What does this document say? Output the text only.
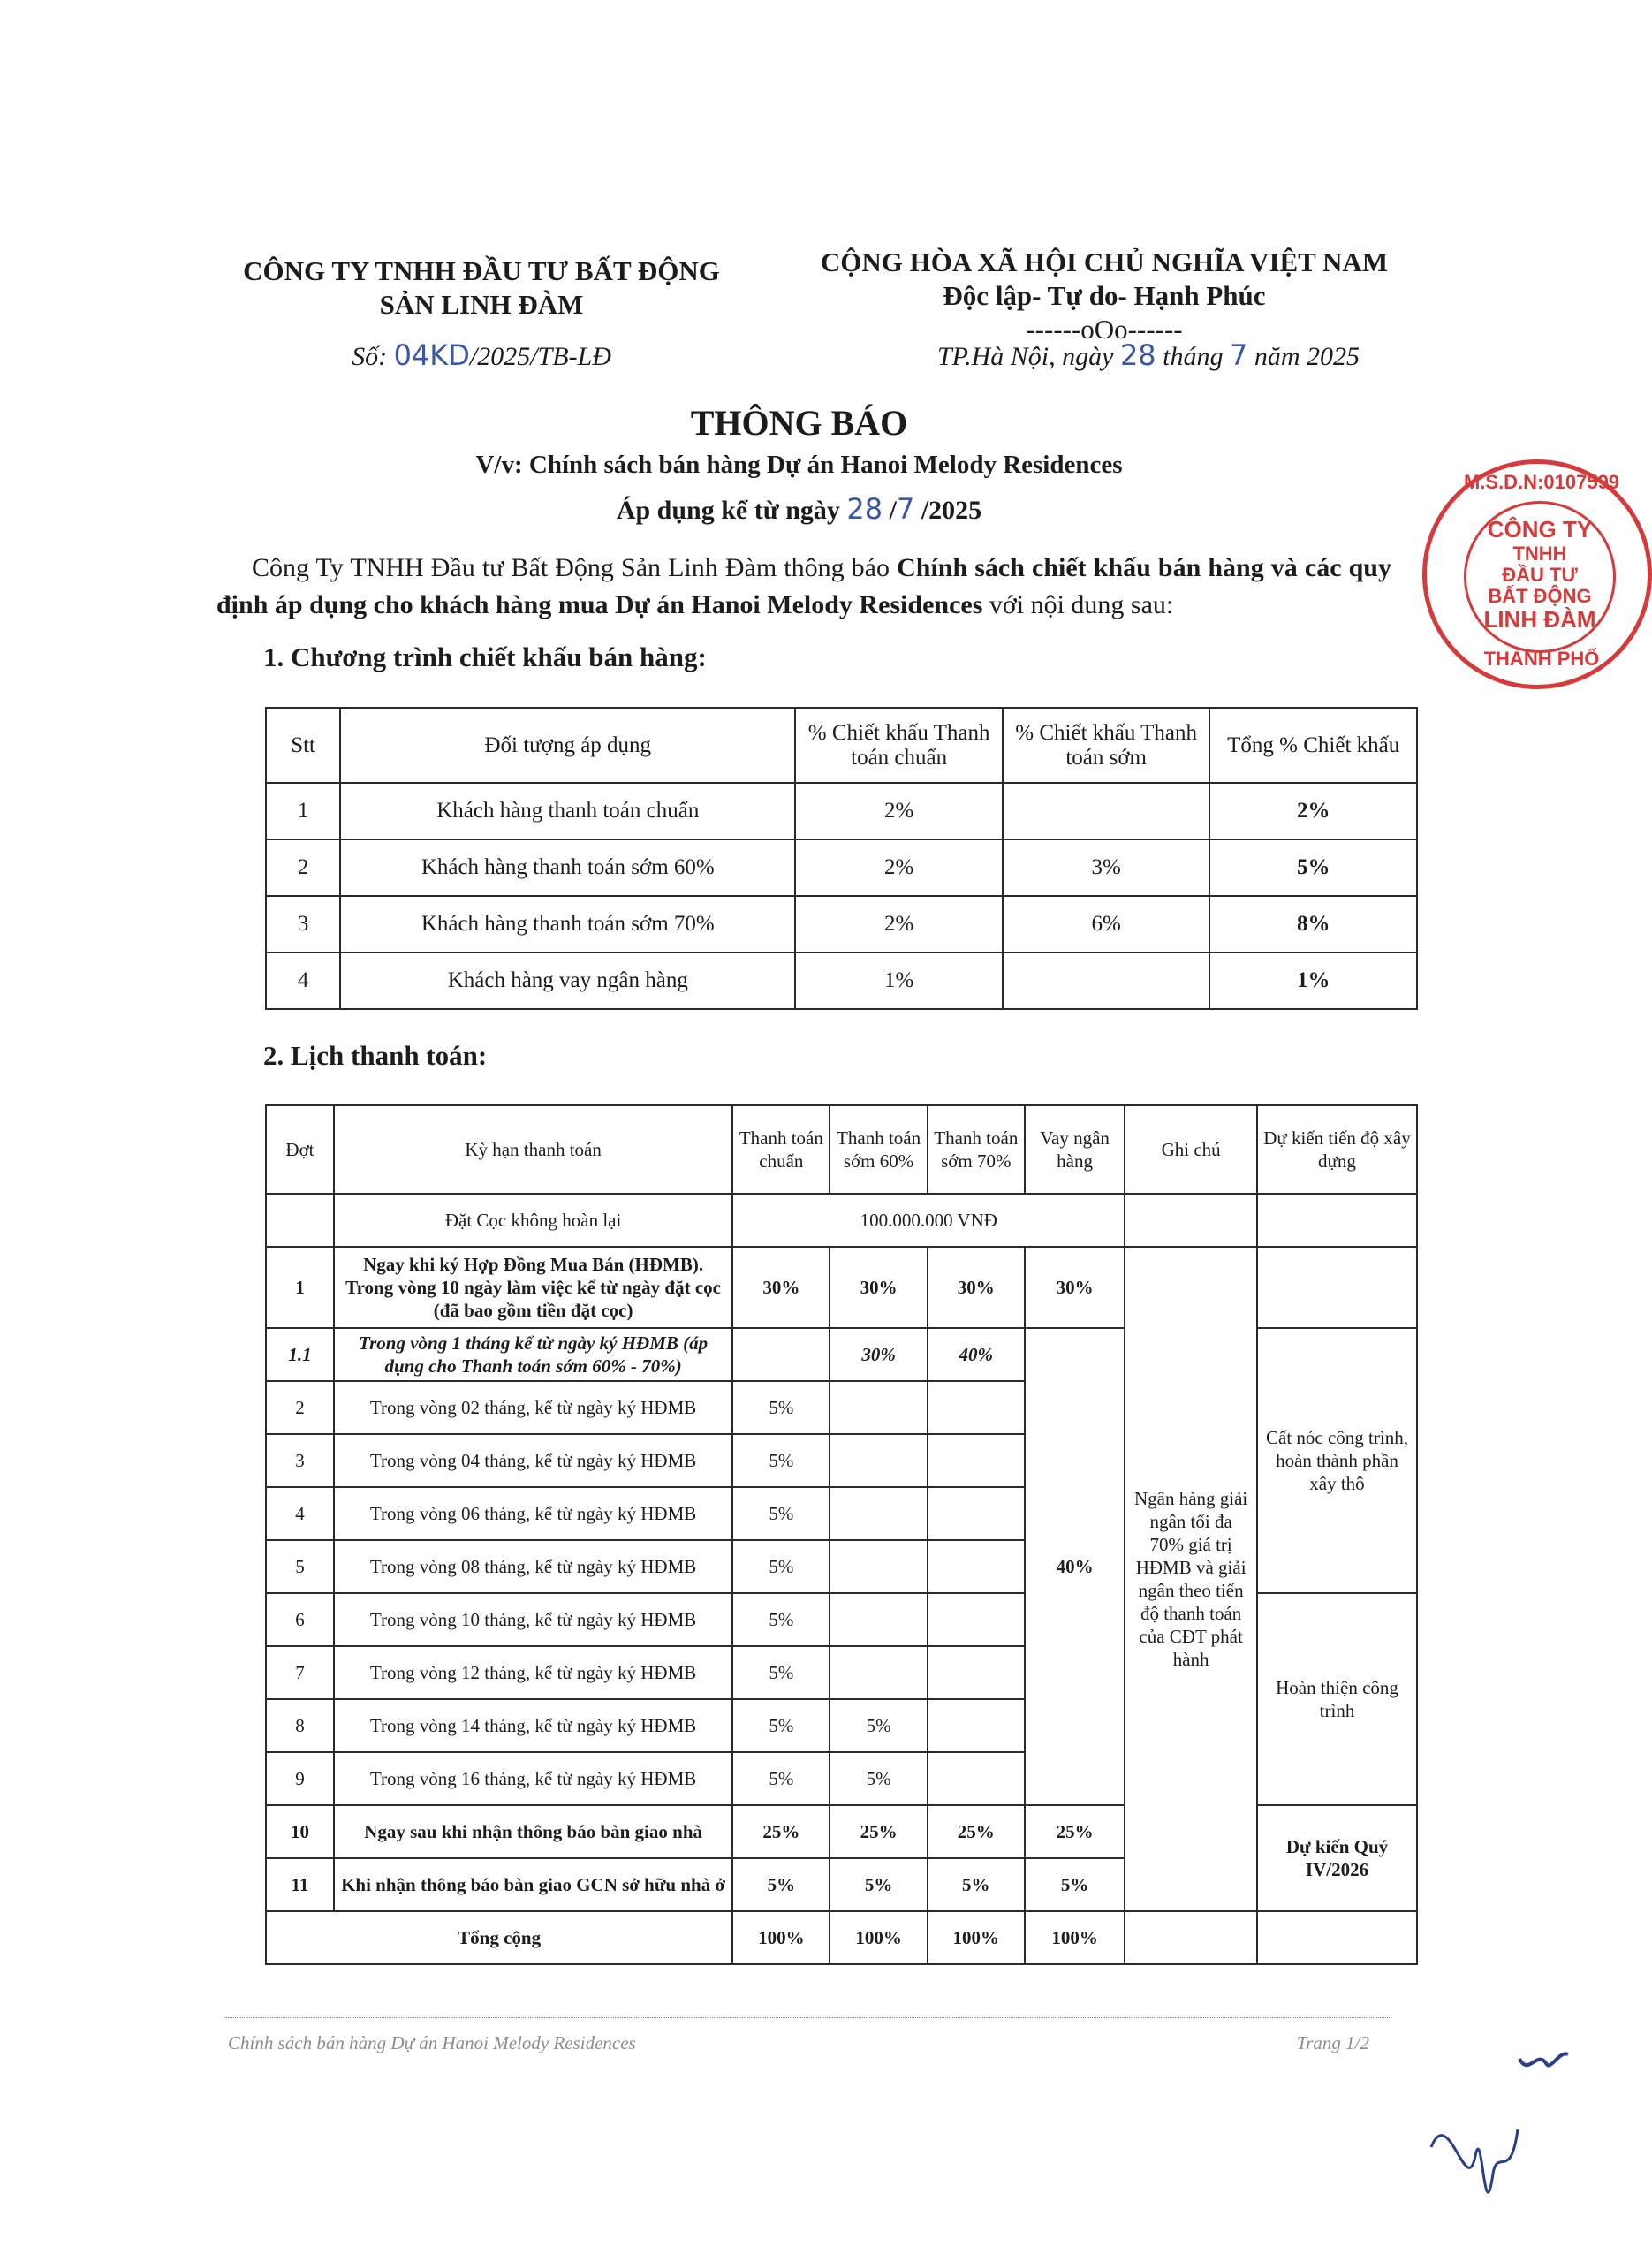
CÔNG TY TNHH ĐẦU TƯ BẤT ĐỘNG
SẢN LINH ĐÀM
CỘNG HÒA XÃ HỘI CHỦ NGHĨA VIỆT NAM
Độc lập- Tự do- Hạnh Phúc
------oOo------
Số: 04KD/2025/TB-LĐ	TP.Hà Nội, ngày 28 tháng 7 năm 2025
M.S.D.N:0107599
CÔNG TY
TNHH
ĐẦU TƯ
BẤT ĐỘNG
LINH ĐÀM
THÀNH PHỐ
THÔNG BÁO
V/v: Chính sách bán hàng Dự án Hanoi Melody Residences
Áp dụng kể từ ngày 28 /7 /2025
Công Ty TNHH Đầu tư Bất Động Sản Linh Đàm thông báo Chính sách chiết khấu bán hàng và các quy định áp dụng cho khách hàng mua Dự án Hanoi Melody Residences với nội dung sau:
1. Chương trình chiết khấu bán hàng:
Stt	Đối tượng áp dụng	% Chiết khấu Thanh toán chuẩn	% Chiết khấu Thanh toán sớm	Tổng % Chiết khấu
1	Khách hàng thanh toán chuẩn	2%		2%
2	Khách hàng thanh toán sớm 60%	2%	3%	5%
3	Khách hàng thanh toán sớm 70%	2%	6%	8%
4	Khách hàng vay ngân hàng	1%		1%
2. Lịch thanh toán:
Đợt	Kỳ hạn thanh toán	Thanh toán chuẩn	Thanh toán sớm 60%	Thanh toán sớm 70%	Vay ngân hàng	Ghi chú	Dự kiến tiến độ xây dựng
	Đặt Cọc không hoàn lại	100.000.000 VNĐ					
1	Ngay khi ký Hợp Đồng Mua Bán (HĐMB). Trong vòng 10 ngày làm việc kể từ ngày đặt cọc (đã bao gồm tiền đặt cọc)	30%	30%	30%	30%	Ngân hàng giải ngân tối đa 70% giá trị HĐMB và giải ngân theo tiến độ thanh toán của CĐT phát hành	
1.1	Trong vòng 1 tháng kể từ ngày ký HĐMB (áp dụng cho Thanh toán sớm 60% - 70%)		30%	40%	40%		Cất nóc công trình, hoàn thành phần xây thô
2	Trong vòng 02 tháng, kể từ ngày ký HĐMB	5%					
3	Trong vòng 04 tháng, kể từ ngày ký HĐMB	5%					
4	Trong vòng 06 tháng, kể từ ngày ký HĐMB	5%					
5	Trong vòng 08 tháng, kể từ ngày ký HĐMB	5%					
6	Trong vòng 10 tháng, kể từ ngày ký HĐMB	5%					Hoàn thiện công trình
7	Trong vòng 12 tháng, kể từ ngày ký HĐMB	5%					
8	Trong vòng 14 tháng, kể từ ngày ký HĐMB	5%	5%				
9	Trong vòng 16 tháng, kể từ ngày ký HĐMB	5%	5%				
10	Ngay sau khi nhận thông báo bàn giao nhà	25%	25%	25%	25%		Dự kiến Quý IV/2026
11	Khi nhận thông báo bàn giao GCN sở hữu nhà ở	5%	5%	5%	5%		
Tổng cộng		100%	100%	100%	100%		
Chính sách bán hàng Dự án Hanoi Melody Residences	Trang 1/2
